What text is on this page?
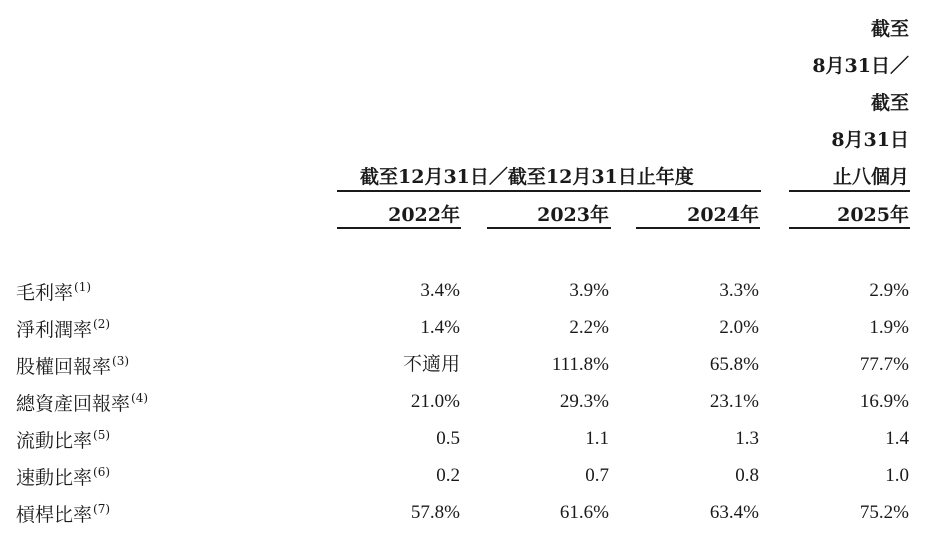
截至
8月31日／
截至
8月31日
止八個月
截至12月31日／截至12月31日止年度
2022年	2023年	2024年	2025年
毛利率$^{(1)}$	3.4%	3.9%	3.3%	2.9%
淨利潤率$^{(2)}$	1.4%	2.2%	2.0%	1.9%
股權回報率$^{(3)}$	不適用	111.8%	65.8%	77.7%
總資產回報率$^{(4)}$	21.0%	29.3%	23.1%	16.9%
流動比率$^{(5)}$	0.5	1.1	1.3	1.4
速動比率$^{(6)}$	0.2	0.7	0.8	1.0
槓桿比率$^{(7)}$	57.8%	61.6%	63.4%	75.2%
